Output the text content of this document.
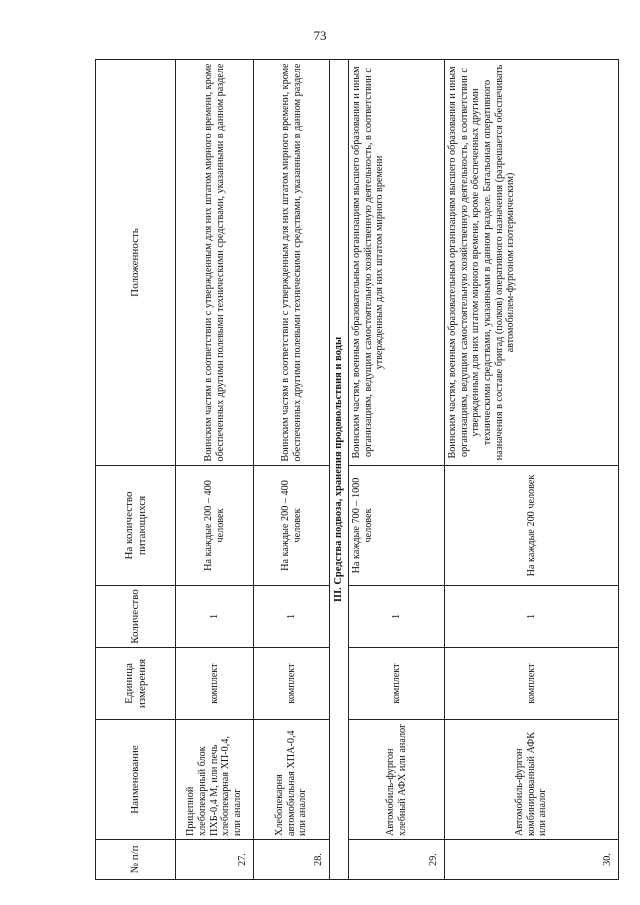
73
№ п/п	Наименование	Единица измерения	Количество	На количество питающихся	Положенность
27.	Прицепной хлебопекарный блок ПХБ-0,4 М, или печь хлебопекарная ХП-0,4, или аналог	комплект	1	На каждые 200 – 400 человек	Воинским частям в соответствии с утвержденным для них штатом мирного времени, кроме обеспеченных другими полевыми техническими средствами, указанными в данном разделе
28.	Хлебопекарня автомобильная ХПА-0,4 или аналог	комплект	1	На каждые 200 – 400 человек	Воинским частям в соответствии с утвержденным для них штатом мирного времени, кроме обеспеченных другими полевыми техническими средствами, указанными в данном разделе
III. Средства подвоза, хранения продовольствия и воды					
29.	Автомобиль-фургон хлебный АФХ или аналог	комплект	1	На каждые 700 – 1000 человек	Воинским частям, военным образовательным организациям высшего образования и иным организациям, ведущим самостоятельную хозяйственную деятельность, в соответствии с утвержденным для них штатом мирного времени
30.	Автомобиль-фургон комбинированный АФК или аналог	комплект	1	На каждые 200 человек	Воинским частям, военным образовательным организациям высшего образования и иным организациям, ведущим самостоятельную хозяйственную деятельность, в соответствии с утвержденным для них штатом мирного времени, кроме обеспеченных другими техническими средствами, указанными в данном разделе. Батальонам оперативного назначения в составе бригад (полков) оперативного назначения (разрешается обеспечивать автомобилем-фургоном изотермическим)
